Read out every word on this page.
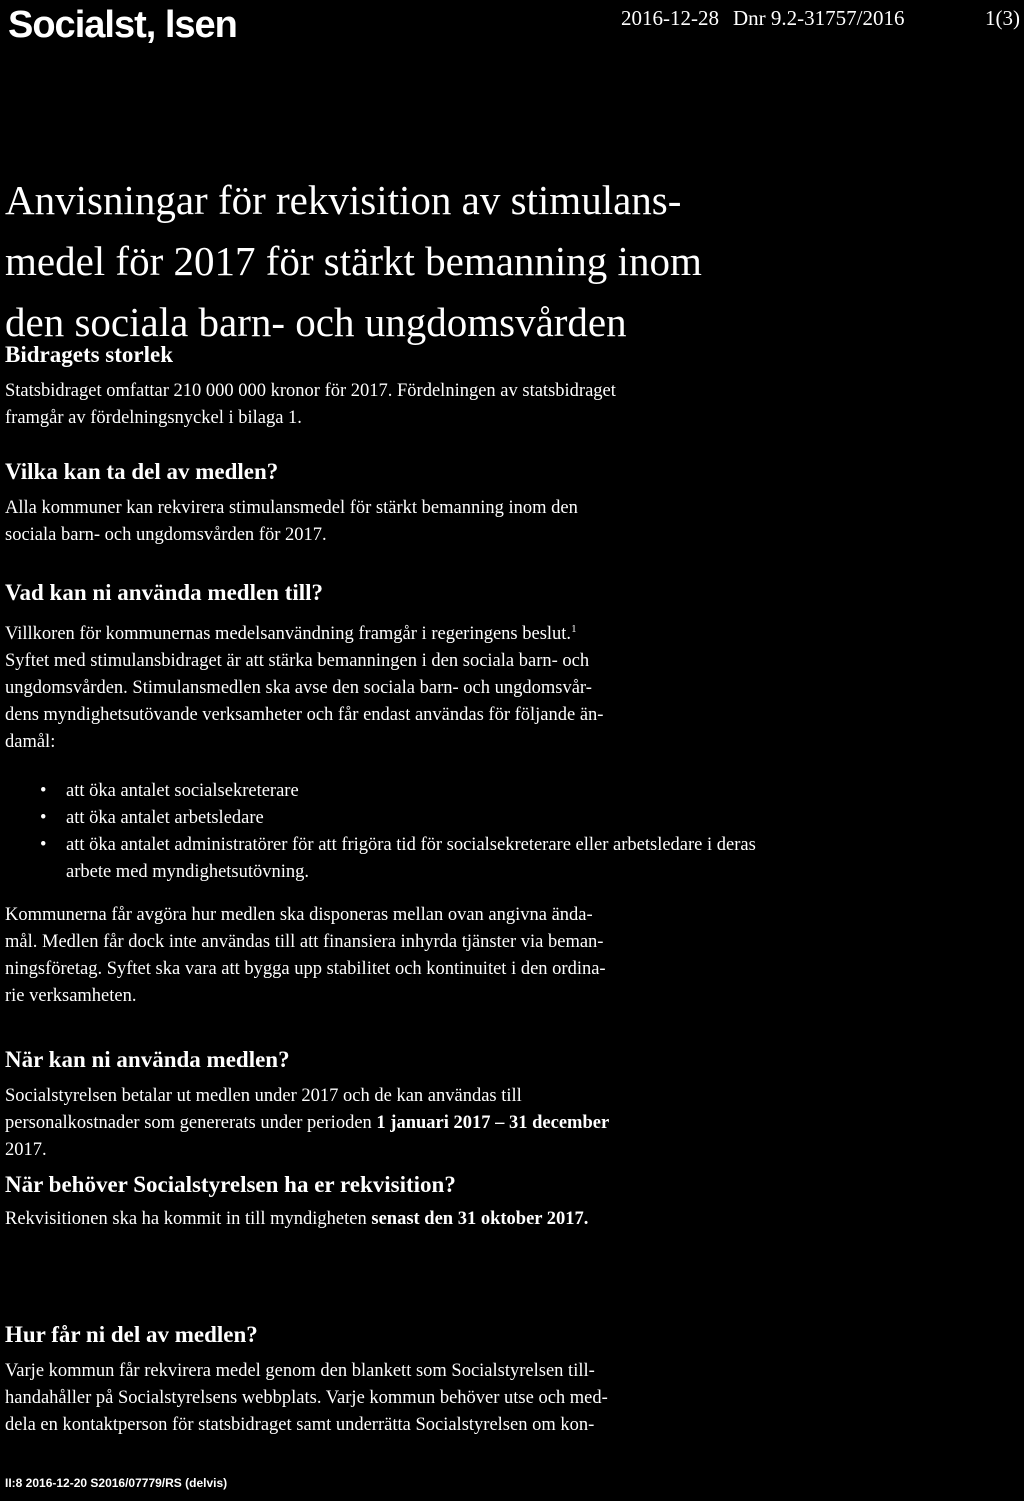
Socialst, lsen	2016-12-28 Dnr 9.2-31757/2016	1(3)
Anvisningar för rekvisition av stimulans-
medel för 2017 för stärkt bemanning inom
den sociala barn- och ungdomsvården
Bidragets storlek

Statsbidraget omfattar 210 000 000 kronor för 2017. Fördelningen av statsbidraget

framgår av fördelningsnyckel i bilaga 1.

Vilka kan ta del av medlen?

Alla kommuner kan rekvirera stimulansmedel för stärkt bemanning inom den

sociala barn- och ungdomsvården för 2017.

Vad kan ni använda medlen till?

Villkoren för kommunernas medelsanvändning framgår i regeringens beslut.$^1$

Syftet med stimulansbidraget är att stärka bemanningen i den sociala barn- och

ungdomsvården. Stimulansmedlen ska avse den sociala barn- och ungdomsvår-

dens myndighetsutövande verksamheter och får endast användas för följande än-

damål:

• att öka antalet socialsekreterare
• att öka antalet arbetsledare
• att öka antalet administratörer för att frigöra tid för socialsekreterare eller arbetsledare i deras arbete med myndighetsutövning.

Kommunerna får avgöra hur medlen ska disponeras mellan ovan angivna ända-

mål. Medlen får dock inte användas till att finansiera inhyrda tjänster via beman-

ningsföretag. Syftet ska vara att bygga upp stabilitet och kontinuitet i den ordina-

rie verksamheten.

När kan ni använda medlen?

Socialstyrelsen betalar ut medlen under 2017 och de kan användas till

personalkostnader som genererats under perioden 1 januari 2017 – 31 december

2017.

När behöver Socialstyrelsen ha er rekvisition?

Rekvisitionen ska ha kommit in till myndigheten senast den 31 oktober 2017.

Hur får ni del av medlen?

Varje kommun får rekvirera medel genom den blankett som Socialstyrelsen till-

handahåller på Socialstyrelsens webbplats. Varje kommun behöver utse och med-

dela en kontaktperson för statsbidraget samt underrätta Socialstyrelsen om kon-

II:8 2016-12-20 S2016/07779/RS (delvis)
